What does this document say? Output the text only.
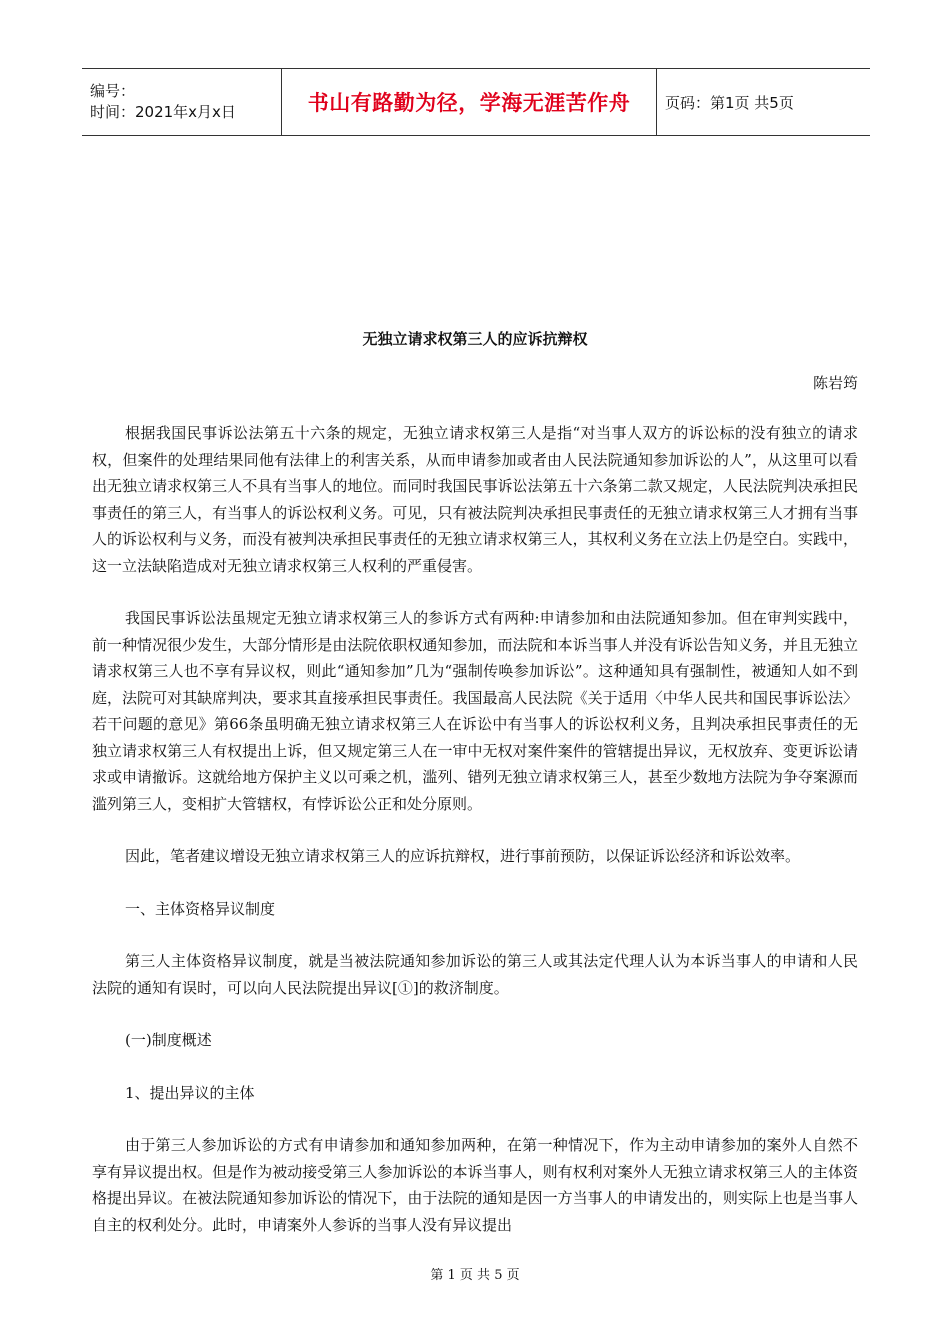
编号：
时间：2021年x月x日	书山有路勤为径，学海无涯苦作舟 页码：第1页 共5页
无独立请求权第三人的应诉抗辩权
陈岩筠

根据我国民事诉讼法第五十六条的规定，无独立请求权第三人是指“对当事人双方的诉讼标的没有独立的请求权，但案件的处理结果同他有法律上的利害关系，从而申请参加或者由人民法院通知参加诉讼的人”，从这里可以看出无独立请求权第三人不具有当事人的地位。而同时我国民事诉讼法第五十六条第二款又规定，人民法院判决承担民事责任的第三人，有当事人的诉讼权利义务。可见，只有被法院判决承担民事责任的无独立请求权第三人才拥有当事人的诉讼权利与义务，而没有被判决承担民事责任的无独立请求权第三人，其权利义务在立法上仍是空白。实践中，这一立法缺陷造成对无独立请求权第三人权利的严重侵害。

我国民事诉讼法虽规定无独立请求权第三人的参诉方式有两种:申请参加和由法院通知参加。但在审判实践中，前一种情况很少发生，大部分情形是由法院依职权通知参加，而法院和本诉当事人并没有诉讼告知义务，并且无独立请求权第三人也不享有异议权，则此“通知参加”几为“强制传唤参加诉讼”。这种通知具有强制性，被通知人如不到庭，法院可对其缺席判决，要求其直接承担民事责任。我国最高人民法院《关于适用〈中华人民共和国民事诉讼法〉若干问题的意见》第66条虽明确无独立请求权第三人在诉讼中有当事人的诉讼权利义务，且判决承担民事责任的无独立请求权第三人有权提出上诉，但又规定第三人在一审中无权对案件案件的管辖提出异议，无权放弃、变更诉讼请求或申请撤诉。这就给地方保护主义以可乘之机，滥列、错列无独立请求权第三人，甚至少数地方法院为争夺案源而滥列第三人，变相扩大管辖权，有悖诉讼公正和处分原则。

因此，笔者建议增设无独立请求权第三人的应诉抗辩权，进行事前预防，以保证诉讼经济和诉讼效率。

一、主体资格异议制度

第三人主体资格异议制度，就是当被法院通知参加诉讼的第三人或其法定代理人认为本诉当事人的申请和人民法院的通知有误时，可以向人民法院提出异议[①]的救济制度。

(一)制度概述

1、提出异议的主体

由于第三人参加诉讼的方式有申请参加和通知参加两种，在第一种情况下，作为主动申请参加的案外人自然不享有异议提出权。但是作为被动接受第三人参加诉讼的本诉当事人，则有权利对案外人无独立请求权第三人的主体资格提出异议。在被法院通知参加诉讼的情况下，由于法院的通知是因一方当事人的申请发出的，则实际上也是当事人自主的权利处分。此时，申请案外人参诉的当事人没有异议提出

第 1 页 共 5 页
